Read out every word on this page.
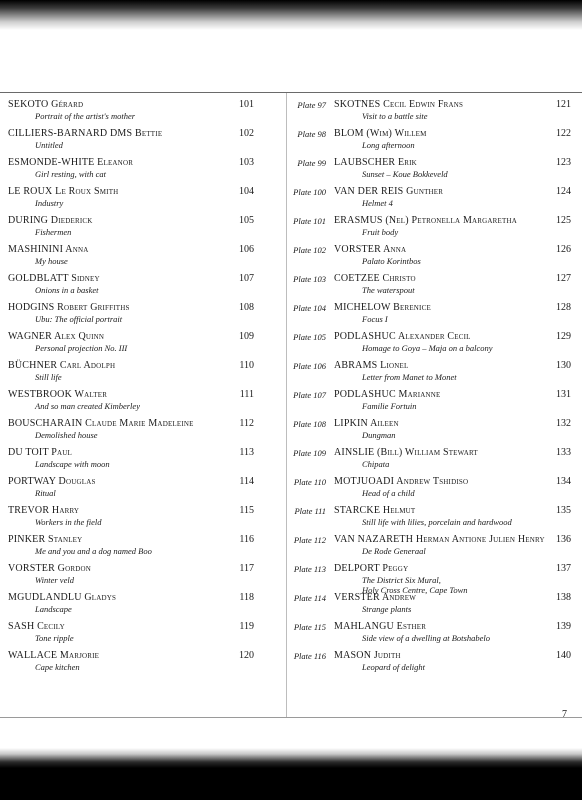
SEKOTO Gérard
Portrait of the artist's mother
101
CILLIERS-BARNARD DMS Bettie
Untitled
102
ESMONDE-WHITE Eleanor
Girl resting, with cat
103
LE ROUX Le Roux Smith
Industry
104
DURING Diederick
Fishermen
105
MASHININI Anna
My house
106
GOLDBLATT Sidney
Onions in a basket
107
HODGINS Robert Griffiths
Ubu: The official portrait
108
WAGNER Alex Quinn
Personal projection No. III
109
BÜCHNER Carl Adolph
Still life
110
WESTBROOK Walter
And so man created Kimberley
111
BOUSCHARAIN Claude Marie Madeleine
Demolished house
112
DU TOIT Paul
Landscape with moon
113
PORTWAY Douglas
Ritual
114
TREVOR Harry
Workers in the field
115
PINKER Stanley
Me and you and a dog named Boo
116
VORSTER Gordon
Winter veld
117
MGUDLANDLU Gladys
Landscape
118
SASH Cecily
Tone ripple
119
WALLACE Marjorie
Cape kitchen
120
Plate 97 SKOTNES Cecil Edwin Frans
Visit to a battle site
121
Plate 98 BLOM (Wim) Willem
Long afternoon
122
Plate 99 LAUBSCHER Erik
Sunset – Koue Bokkeveld
123
Plate 100 VAN DER REIS Gunther
Helmet 4
124
Plate 101 ERASMUS (Nel) Petronella Margaretha
Fruit body
125
Plate 102 VORSTER Anna
Palato Korintbos
126
Plate 103 COETZEE Christo
The waterspout
127
Plate 104 MICHELOW Berenice
Focus I
128
Plate 105 PODLASHUC Alexander Cecil
Homage to Goya – Maja on a balcony
129
Plate 106 ABRAMS Lionel
Letter from Manet to Monet
130
Plate 107 PODLASHUC Marianne
Familie Fortuin
131
Plate 108 LIPKIN Aileen
Dungman
132
Plate 109 AINSLIE (Bill) William Stewart
Chipata
133
Plate 110 MOTJUOADI Andrew Tshidiso
Head of a child
134
Plate 111 STARCKE Helmut
Still life with lilies, porcelain and hardwood
135
Plate 112 VAN NAZARETH Herman Antione Julien Henry
De Rode Generaal
136
Plate 113 DELPORT Peggy
The District Six Mural,
Holy Cross Centre, Cape Town
137
Plate 114 VERSTER Andrew
Strange plants
138
Plate 115 MAHLANGU Esther
Side view of a dwelling at Botshabelo
139
Plate 116 MASON Judith
Leopard of delight
140
7
